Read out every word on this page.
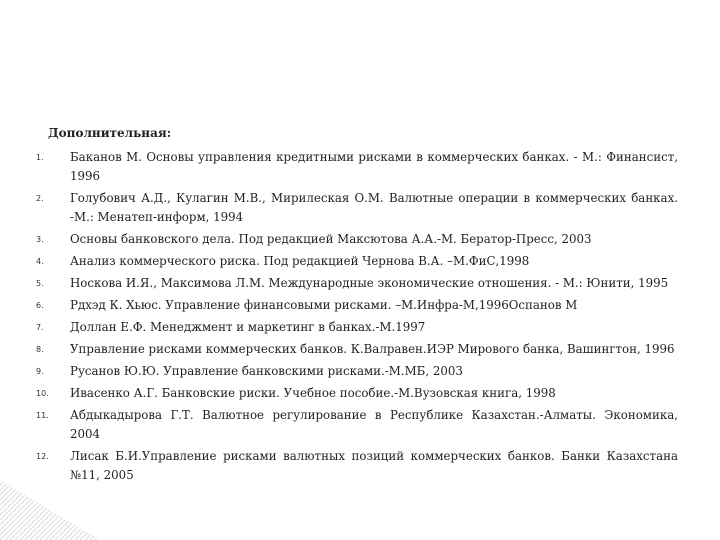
Дополнительная:
1.	Баканов М. Основы управления кредитными рисками в коммерческих банках. - М.: Финансист, 1996
2.	Голубович А.Д., Кулагин М.В., Мирилеская О.М. Валютные операции в коммерческих банках. -М.: Менатеп-информ, 1994
3.	Основы банковского дела. Под редакцией Максютова А.А.-М. Бератор-Пресс, 2003
4.	Анализ коммерческого риска. Под редакцией Чернова В.А. –М.ФиС,1998
5.	Носкова И.Я., Максимова Л.М. Международные экономические отношения. - М.: Юнити, 1995
6.	Рдхэд К. Хьюс. Управление финансовыми рисками. –М.Инфра-М,1996Оспанов М
7.	Доллан Е.Ф. Менеджмент и маркетинг в банках.-М.1997
8.	Управление рисками коммерческих банков. К.Валравен.ИЭР Мирового банка, Вашингтон, 1996
9.	Русанов Ю.Ю. Управление банковскими рисками.-М.МБ, 2003
10.	Ивасенко А.Г. Банковские риски. Учебное пособие.-М.Вузовская книга, 1998
11.	Абдыкадырова Г.Т. Валютное регулирование в Республике Казахстан.-Алматы. Экономика, 2004
12.	Лисак Б.И.Управление рисками валютных позиций коммерческих банков. Банки Казахстана №11, 2005
